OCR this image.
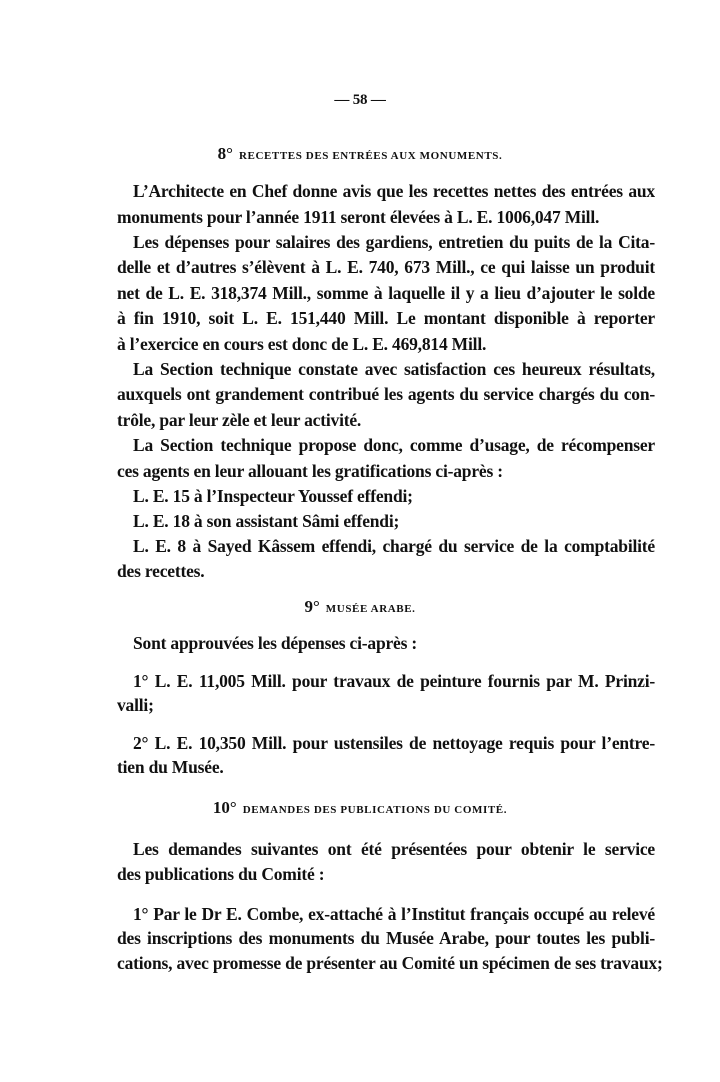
— 58 —
8° RECETTES DES ENTRÉES AUX MONUMENTS.
9° MUSÉE ARABE.
10° DEMANDES DES PUBLICATIONS DU COMITÉ.
L’Architecte en Chef donne avis que les recettes nettes des entrées aux
monuments pour l’année 1911 seront élevées à L. E. 1006,047 Mill.
Les dépenses pour salaires des gardiens, entretien du puits de la Cita-
delle et d’autres s’élèvent à L. E. 740, 673 Mill., ce qui laisse un produit
net de L. E. 318,374 Mill., somme à laquelle il y a lieu d’ajouter le solde
à fin 1910, soit L. E. 151,440 Mill. Le montant disponible à reporter
à l’exercice en cours est donc de L. E. 469,814 Mill.
La Section technique constate avec satisfaction ces heureux résultats,
auxquels ont grandement contribué les agents du service chargés du con-
trôle, par leur zèle et leur activité.
La Section technique propose donc, comme d’usage, de récompenser
ces agents en leur allouant les gratifications ci-après :
L. E. 15 à l’Inspecteur Youssef effendi;
L. E. 18 à son assistant Sâmi effendi;
L. E. 8 à Sayed Kâssem effendi, chargé du service de la comptabilité
des recettes.
Sont approuvées les dépenses ci-après :
1° L. E. 11,005 Mill. pour travaux de peinture fournis par M. Prinzi-
valli;
2° L. E. 10,350 Mill. pour ustensiles de nettoyage requis pour l’entre-
tien du Musée.
Les demandes suivantes ont été présentées pour obtenir le service
des publications du Comité :
1° Par le Dr E. Combe, ex-attaché à l’Institut français occupé au relevé
des inscriptions des monuments du Musée Arabe, pour toutes les publi-
cations, avec promesse de présenter au Comité un spécimen de ses travaux;
